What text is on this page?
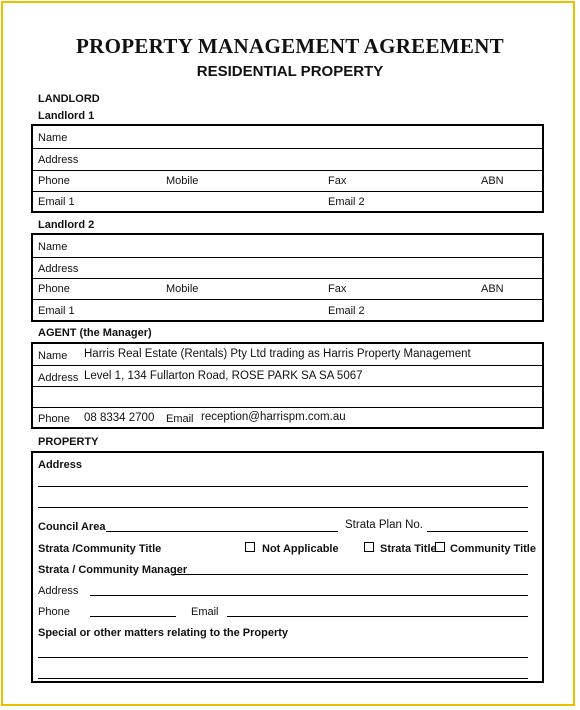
PROPERTY MANAGEMENT AGREEMENT
RESIDENTIAL PROPERTY
LANDLORD
Landlord 1
Name
Address
Phone	Mobile	Fax	ABN
Email 1	Email 2
Landlord 2
Name
Address
Phone	Mobile	Fax	ABN
Email 1	Email 2
AGENT (the Manager)
Name Harris Real Estate (Rentals) Pty Ltd trading as Harris Property Management
Address Level 1, 134 Fullarton Road, ROSE PARK SA SA 5067
Phone 08 8334 2700 Email reception@harrispm.com.au
PROPERTY
Address
Council Area	Strata Plan No.
Strata /Community Title	Not Applicable	Strata Title Community Title
Strata / Community Manager
Address
Phone	Email
Special or other matters relating to the Property
